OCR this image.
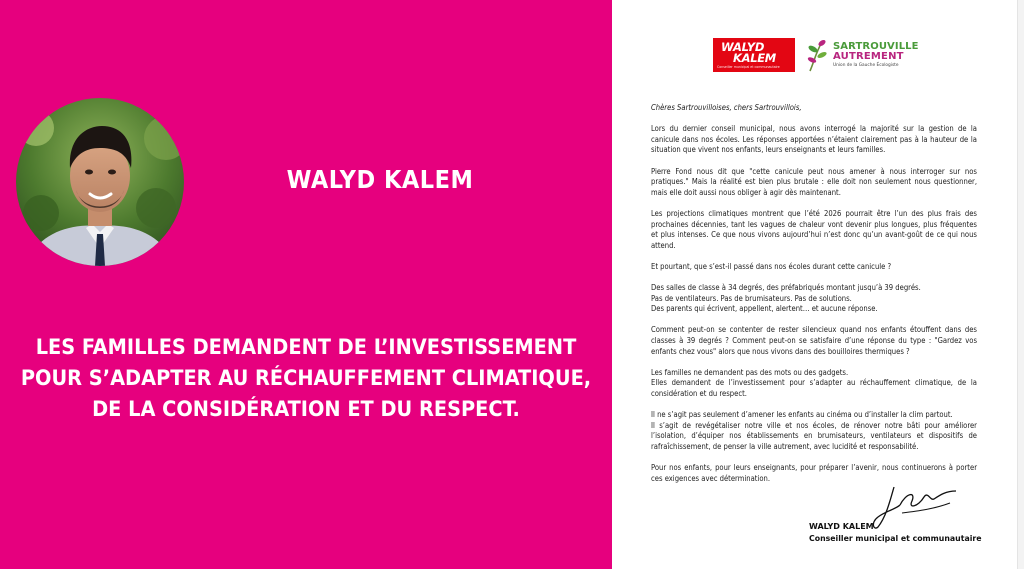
WALYD KALEM
LES FAMILLES DEMANDENT DE L’INVESTISSEMENT POUR S’ADAPTER AU RÉCHAUFFEMENT CLIMATIQUE, DE LA CONSIDÉRATION ET DU RESPECT.
WALYD
KALEM
Conseiller municipal et communautaire
SARTROUVILLE
AUTREMENT
Union de la Gauche Écologiste

Chères Sartrouvilloises, chers Sartrouvillois,

Lors du dernier conseil municipal, nous avons interrogé la majorité sur la gestion de la canicule dans nos écoles. Les réponses apportées n’étaient clairement pas à la hauteur de la situation que vivent nos enfants, leurs enseignants et leurs familles.

Pierre Fond nous dit que "cette canicule peut nous amener à nous interroger sur nos pratiques." Mais la réalité est bien plus brutale : elle doit non seulement nous questionner, mais elle doit aussi nous obliger à agir dès maintenant.

Les projections climatiques montrent que l’été 2026 pourrait être l’un des plus frais des prochaines décennies, tant les vagues de chaleur vont devenir plus longues, plus fréquentes et plus intenses. Ce que nous vivons aujourd’hui n’est donc qu’un avant-goût de ce qui nous attend.

Et pourtant, que s’est-il passé dans nos écoles durant cette canicule ?

Des salles de classe à 34 degrés, des préfabriqués montant jusqu’à 39 degrés.
Pas de ventilateurs. Pas de brumisateurs. Pas de solutions.
Des parents qui écrivent, appellent, alertent… et aucune réponse.

Comment peut-on se contenter de rester silencieux quand nos enfants étouffent dans des classes à 39 degrés ? Comment peut-on se satisfaire d’une réponse du type : "Gardez vos enfants chez vous" alors que nous vivons dans des bouilloires thermiques ?

Les familles ne demandent pas des mots ou des gadgets.
Elles demandent de l’investissement pour s’adapter au réchauffement climatique, de la considération et du respect.

Il ne s’agit pas seulement d’amener les enfants au cinéma ou d’installer la clim partout.
Il s’agit de revégétaliser notre ville et nos écoles, de rénover notre bâti pour améliorer l’isolation, d’équiper nos établissements en brumisateurs, ventilateurs et dispositifs de rafraîchissement, de penser la ville autrement, avec lucidité et responsabilité.

Pour nos enfants, pour leurs enseignants, pour préparer l’avenir, nous continuerons à porter ces exigences avec détermination.

WALYD KALEM
Conseiller municipal et communautaire
